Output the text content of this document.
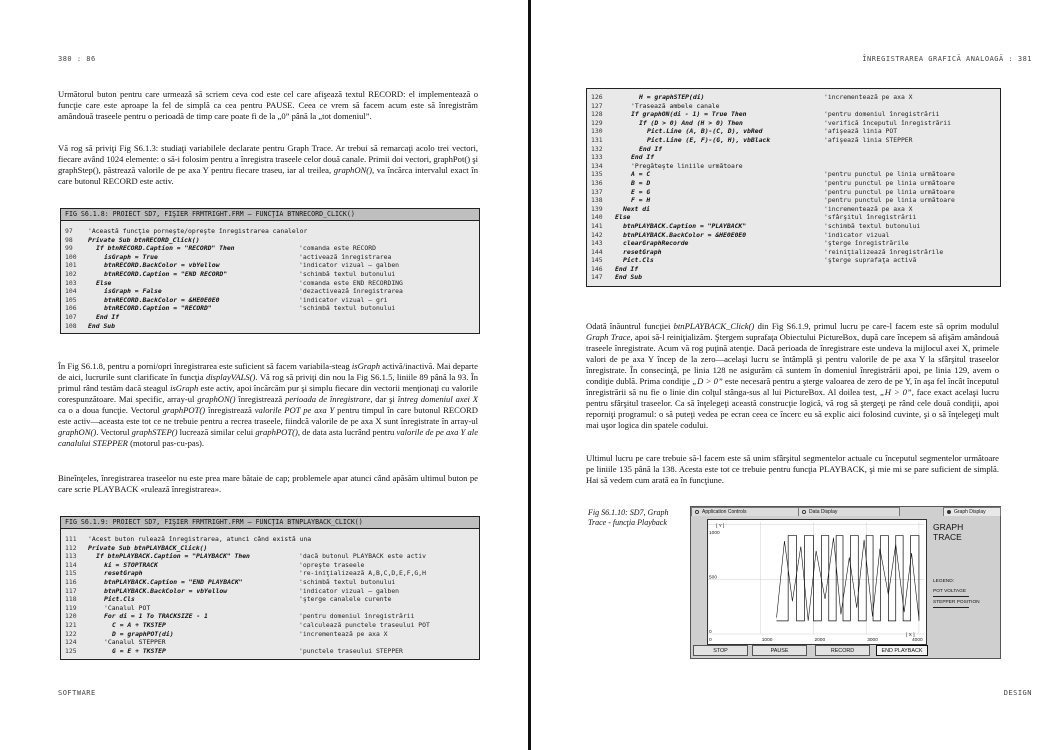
380 : 86

Următorul buton pentru care urmează să scriem ceva cod este cel care afişează textul RECORD: el implementează o funcţie care este aproape la fel de simplă ca cea pentru PAUSE. Ceea ce vrem să facem acum este să înregistrăm amândouă traseele pentru o perioadă de timp care poate fi de la „0” până la „tot domeniul”.

Vă rog să priviţi Fig S6.1.3: studiaţi variabilele declarate pentru Graph Trace. Ar trebui să remarcaţi acolo trei vectori, fiecare având 1024 elemente: o să-i folosim pentru a înregistra traseele celor două canale. Primii doi vectori, graphPot() şi graphStep(), păstrează valorile de pe axa Y pentru fiecare traseu, iar al treilea, graphON(), va încărca intervalul exact în care butonul RECORD este activ.

FIG S6.1.8: PROIECT SD7, FIŞIER FRMTRIGHT.FRM – FUNCŢIA BTNRECORD_CLICK()
97	'Această funcţie porneşte/opreşte înregistrarea canalelor
98	Private Sub btnRECORD_Click()
99	If btnRECORD.Caption = "RECORD" Then	'comanda este RECORD
100	isGraph = True	'activează înregistrarea
101	btnRECORD.BackColor = vbYellow	'indicator vizual – galben
102	btnRECORD.Caption = "END RECORD"	'schimbă textul butonului
103	Else	'comanda este END RECORDING
104	isGraph = False	'dezactivează înregistrarea
105	btnRECORD.BackColor = &HE0E0E0	'indicator vizual – gri
106	btnRECORD.Caption = "RECORD"	'schimbă textul butonului
107	End If
108	End Sub

În Fig S6.1.8, pentru a porni/opri înregistrarea este suficient să facem variabila-steag isGraph activă/inactivă. Mai departe de aici, lucrurile sunt clarificate în funcţia displayVALS(). Vă rog să priviţi din nou la Fig S6.1.5, liniile 89 până la 93. În primul rând testăm dacă steagul isGraph este activ, apoi încărcăm pur şi simplu fiecare din vectorii menţionaţi cu valorile corespunzătoare. Mai specific, array-ul graphON() înregistrează perioada de înregistrare, dar şi întreg domeniul axei X ca o a doua funcţie. Vectorul graphPOT() înregistrează valorile POT pe axa Y pentru timpul în care butonul RECORD este activ—aceasta este tot ce ne trebuie pentru a recrea traseele, fiindcă valorile de pe axa X sunt înregistrate în array-ul graphON(). Vectorul graphSTEP() lucrează similar celui graphPOT(), de data asta lucrând pentru valorile de pe axa Y ale canalului STEPPER (motorul pas-cu-pas).

Bineînţeles, înregistrarea traseelor nu este prea mare bătaie de cap; problemele apar atunci când apăsăm ultimul buton pe care scrie PLAYBACK «rulează înregistrarea».

FIG S6.1.9: PROIECT SD7, FIŞIER FRMTRIGHT.FRM – FUNCŢIA BTNPLAYBACK_CLICK()
111	'Acest buton rulează înregistrarea, atunci când există una
112	Private Sub btnPLAYBACK_Click()
113	If btnPLAYBACK.Caption = "PLAYBACK" Then	'dacă butonul PLAYBACK este activ
114	ki = STOPTRACK	'opreşte traseele
115	resetGraph	're-iniţializează A,B,C,D,E,F,G,H
116	btnPLAYBACK.Caption = "END PLAYBACK"	'schimbă textul butonului
117	btnPLAYBACK.BackColor = vbYellow	'indicator vizual – galben
118	Pict.Cls	'şterge canalele curente
119	'Canalul POT
120	For di = 1 To TRACKSIZE - 1	'pentru domeniul înregistrării
121	C = A + TKSTEP	'calculează punctele traseului POT
122	D = graphPOT(di)	'incrementează pe axa X
124	'Canalul STEPPER
125	G = E + TKSTEP	'punctele traseului STEPPER
SOFTWARE
ÎNREGISTRAREA GRAFICĂ ANALOAGĂ : 381
126	H = graphSTEP(di)	'incrementează pe axa X
127	'Trasează ambele canale
128	If graphON(di - 1) = True Then	'pentru domeniul înregistrării
129	If (D > 0) And (H > 0) Then	'verifică începutul înregistrării
130	Pict.Line (A, B)-(C, D), vbRed	'afişează linia POT
131	Pict.Line (E, F)-(G, H), vbBlack	'afişează linia STEPPER
132	End If
133	End If
134	'Pregăteşte liniile următoare
135	A = C	'pentru punctul pe linia următoare
136	B = D	'pentru punctul pe linia următoare
137	E = G	'pentru punctul pe linia următoare
138	F = H	'pentru punctul pe linia următoare
139	Next di	'incrementează pe axa X
140	Else	'sfârşitul înregistrării
141	btnPLAYBACK.Caption = "PLAYBACK"	'schimbă textul butonului
142	btnPLAYBACK.BackColor = &HE0E0E0	'indicator vizual
143	clearGraphRecorde	'şterge înregistrările
144	resetGraph	'reiniţializează înregistrările
145	Pict.Cls	'şterge suprafaţa activă
146	End If
147	End Sub

Odată înăuntrul funcţiei btnPLAYBACK_Click() din Fig S6.1.9, primul lucru pe care-l facem este să oprim modulul Graph Trace, apoi să-l reiniţializăm. Ştergem suprafaţa Obiectului PictureBox, după care începem să afişăm amândouă traseele înregistrate. Acum vă rog puţină atenţie. Dacă perioada de înregistrare este undeva la mijlocul axei X, primele valori de pe axa Y încep de la zero—acelaşi lucru se întâmplă şi pentru valorile de pe axa Y la sfârşitul traseelor înregistrate. În consecinţă, pe linia 128 ne asigurăm că suntem în domeniul înregistrării apoi, pe linia 129, avem o condiţie dublă. Prima condiţie „D > 0” este necesară pentru a şterge valoarea de zero de pe Y, în aşa fel încât începutul înregistrării să nu fie o linie din colţul stânga-sus al lui PictureBox. Al doilea test, „H > 0”, face exact acelaşi lucru pentru sfârşitul traseelor. Ca să înţelegeţi această construcţie logică, vă rog să ştergeţi pe rând cele două condiţii, apoi reporniţi programul: o să puteţi vedea pe ecran ceea ce încerc eu să explic aici folosind cuvinte, şi o să înţelegeţi mult mai uşor logica din spatele codului.

Ultimul lucru pe care trebuie să-l facem este să unim sfârşitul segmentelor actuale cu începutul segmentelor următoare pe liniile 135 până la 138. Acesta este tot ce trebuie pentru funcţia PLAYBACK, şi mie mi se pare suficient de simplă. Hai să vedem cum arată ea în funcţiune.

Fig S6.1.10: SD7, Graph Trace - funcţia Playback
Application Controls	Data Display	Graph Display
[ Y ]
[ X ]
0	1000	2000	3000	4000
1000
500
0
GRAPH TRACE
LEGEND:
POT VOLTAGE
STEPPER POSITION
STOP	PAUSE	RECORD	END PLAYBACK
DESIGN
